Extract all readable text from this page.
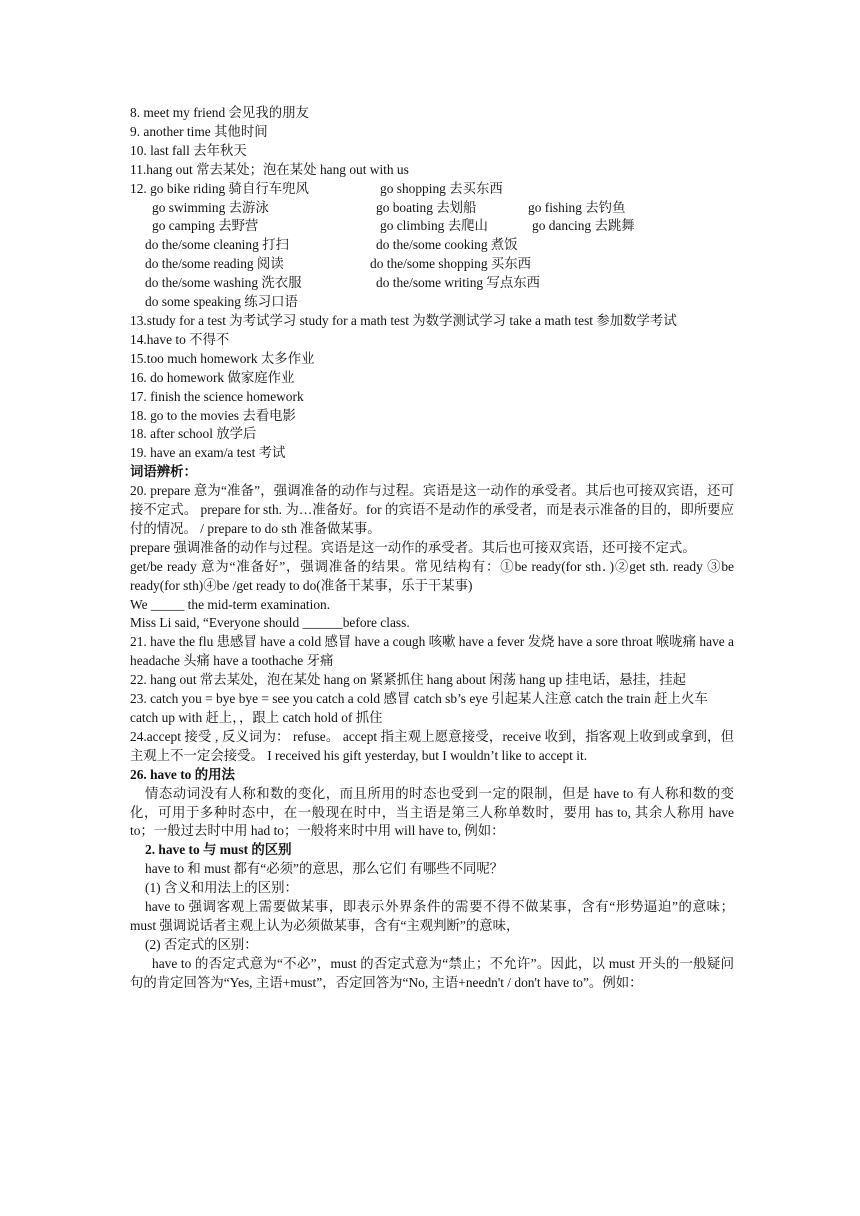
8. meet my friend 会见我的朋友
9. another time 其他时间
10. last fall 去年秋天
11.hang out 常去某处；泡在某处 hang out with us
12. go bike riding 骑自行车兜风	go shopping 去买东西
go swimming 去游泳	go boating 去划船	go fishing 去钓鱼
go camping 去野营	go climbing 去爬山	go dancing 去跳舞
do the/some cleaning 打扫	do the/some cooking 煮饭
do the/some reading 阅读	do the/some shopping 买东西
do the/some washing 洗衣服	do the/some writing 写点东西
do some speaking 练习口语
13.study for a test 为考试学习 study for a math test 为数学测试学习 take a math test 参加数学考试
14.have to 不得不
15.too much homework 太多作业
16. do homework 做家庭作业
17. finish the science homework
18. go to the movies 去看电影
18. after school 放学后
19. have an exam/a test 考试
词语辨析：
20. prepare 意为“准备”，强调准备的动作与过程。宾语是这一动作的承受者。其后也可接双宾语，还可接不定式。 prepare for sth. 为…准备好。for 的宾语不是动作的承受者，而是表示准备的目的，即所要应付的情况。 / prepare to do sth 准备做某事。
prepare 强调准备的动作与过程。宾语是这一动作的承受者。其后也可接双宾语，还可接不定式。
get/be ready 意为“准备好”，强调准备的结果。常见结构有：①be ready(for sth．)②get sth. ready ③be ready(for sth)④be /get ready to do(准备干某事，乐于干某事)
We _____ the mid-term examination.
Miss Li said, “Everyone should ______before class.
21. have the flu 患感冒 have a cold 感冒 have a cough 咳嗽 have a fever 发烧 have a sore throat 喉咙痛 have a headache 头痛 have a toothache 牙痛
22. hang out 常去某处，泡在某处 hang on 紧紧抓住 hang about 闲荡 hang up 挂电话，悬挂，挂起
23. catch you = bye bye = see you catch a cold 感冒 catch sb’s eye 引起某人注意 catch the train 赶上火车
catch up with 赶上，，跟上 catch hold of 抓住
24.accept 接受 , 反义词为： refuse。 accept 指主观上愿意接受，receive 收到，指客观上收到或拿到，但主观上不一定会接受。 I received his gift yesterday, but I wouldn’t like to accept it.
26. have to 的用法
情态动词没有人称和数的变化，而且所用的时态也受到一定的限制，但是 have to 有人称和数的变化，可用于多种时态中，在一般现在时中，当主语是第三人称单数时，要用 has to, 其余人称用 have to；一般过去时中用 had to；一般将来时中用 will have to, 例如：
2. have to 与 must 的区别
have to 和 must 都有“必须”的意思，那么它们 有哪些不同呢？
(1) 含义和用法上的区别：
have to 强调客观上需要做某事，即表示外界条件的需要不得不做某事，含有“形势逼迫”的意味；must 强调说话者主观上认为必须做某事，含有“主观判断”的意味，
(2) 否定式的区别：
have to 的否定式意为“不必”，must 的否定式意为“禁止；不允许”。因此，以 must 开头的一般疑问句的肯定回答为“Yes, 主语+must”，否定回答为“No, 主语+needn't / don't have to”。例如：
